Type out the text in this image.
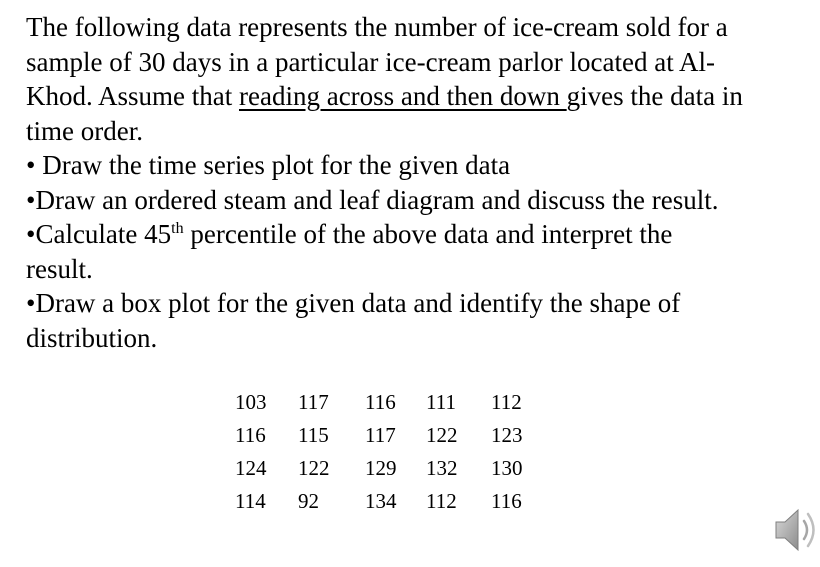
The following data represents the number of ice-cream sold for a
sample of 30 days in a particular ice-cream parlor located at Al-
Khod. Assume that reading across and then down gives the data in
time order.
• Draw the time series plot for the given data
•Draw an ordered steam and leaf diagram and discuss the result.
•Calculate 45th percentile of the above data and interpret the
result.
•Draw a box plot for the given data and identify the shape of
distribution.
103 117 116 111 112
116 115 117 122 123
124 122 129 132 130
114 92 134 112 116
